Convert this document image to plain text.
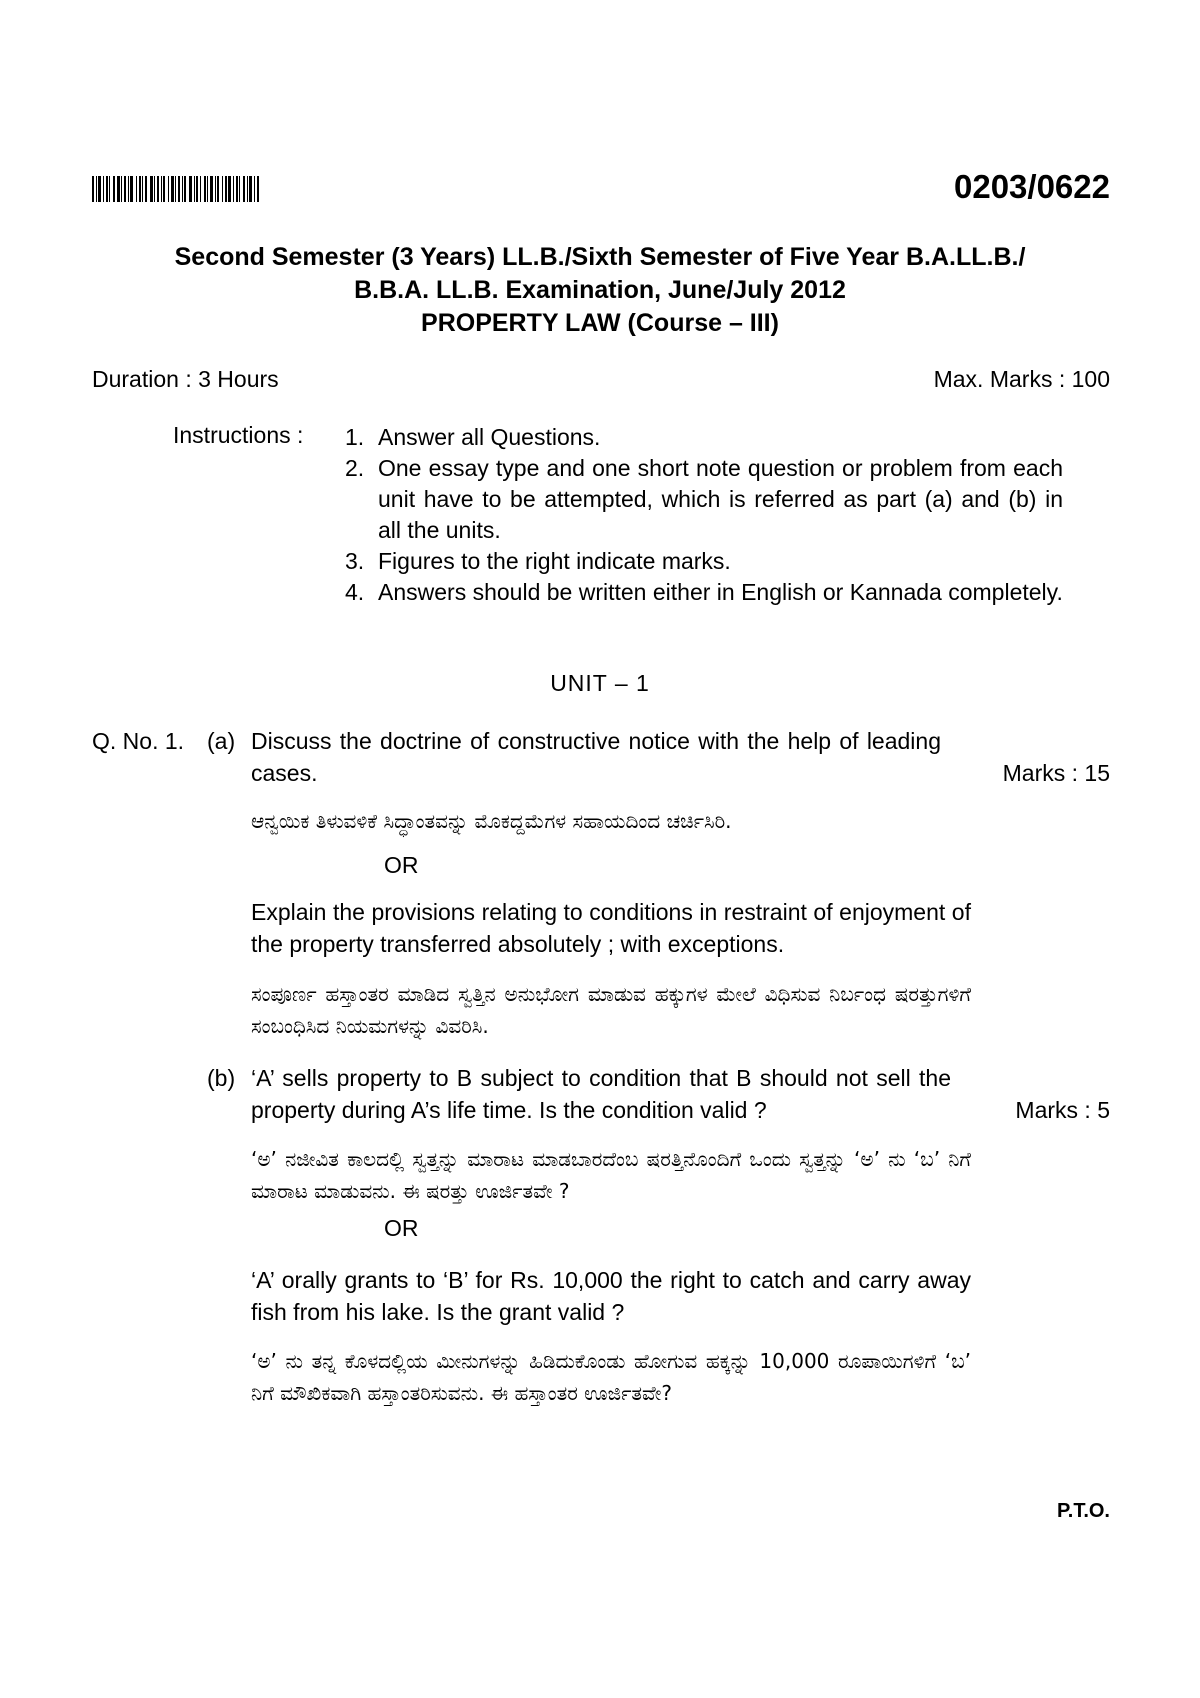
0203/0622
Second Semester (3 Years) LL.B./Sixth Semester of Five Year B.A.LL.B./
B.B.A. LL.B. Examination, June/July 2012
PROPERTY LAW (Course – III)
Duration : 3 Hours	Max. Marks : 100
Instructions : 1. Answer all Questions.
2. One essay type and one short note question or problem from each unit have to be attempted, which is referred as part (a) and (b) in all the units.
3. Figures to the right indicate marks.
4. Answers should be written either in English or Kannada completely.
UNIT – 1
Q. No. 1. (a) Discuss the doctrine of constructive notice with the help of leading cases.	Marks : 15
ಆನ್ವಯಿಕ ತಿಳುವಳಿಕೆ ಸಿದ್ಧಾಂತವನ್ನು ಮೊಕದ್ದಮೆಗಳ ಸಹಾಯದಿಂದ ಚರ್ಚಿಸಿರಿ.
OR
Explain the provisions relating to conditions in restraint of enjoyment of the property transferred absolutely ; with exceptions.
ಸಂಪೂರ್ಣ ಹಸ್ತಾಂತರ ಮಾಡಿದ ಸ್ವತ್ತಿನ ಅನುಭೋಗ ಮಾಡುವ ಹಕ್ಕುಗಳ ಮೇಲೆ ವಿಧಿಸುವ ನಿರ್ಬಂಧ ಷರತ್ತುಗಳಿಗೆ ಸಂಬಂಧಿಸಿದ ನಿಯಮಗಳನ್ನು ವಿವರಿಸಿ.
(b) ‘A’ sells property to B subject to condition that B should not sell the property during A’s life time. Is the condition valid ?	Marks : 5
‘ಅ’ ನಜೀವಿತ ಕಾಲದಲ್ಲಿ ಸ್ವತ್ತನ್ನು ಮಾರಾಟ ಮಾಡಬಾರದೆಂಬ ಷರತ್ತಿನೊಂದಿಗೆ ಒಂದು ಸ್ವತ್ತನ್ನು ‘ಅ’ ನು ‘ಬ’ ನಿಗೆ ಮಾರಾಟ ಮಾಡುವನು. ಈ ಷರತ್ತು ಊರ್ಜಿತವೇ ?
OR
‘A’ orally grants to ‘B’ for Rs. 10,000 the right to catch and carry away fish from his lake. Is the grant valid ?
‘ಅ’ ನು ತನ್ನ ಕೊಳದಲ್ಲಿಯ ಮೀನುಗಳನ್ನು ಹಿಡಿದುಕೊಂಡು ಹೋಗುವ ಹಕ್ಕನ್ನು 10,000 ರೂಪಾಯಿಗಳಿಗೆ ‘ಬ’ ನಿಗೆ ಮೌಖಿಕವಾಗಿ ಹಸ್ತಾಂತರಿಸುವನು. ಈ ಹಸ್ತಾಂತರ ಊರ್ಜಿತವೇ?
P.T.O.
